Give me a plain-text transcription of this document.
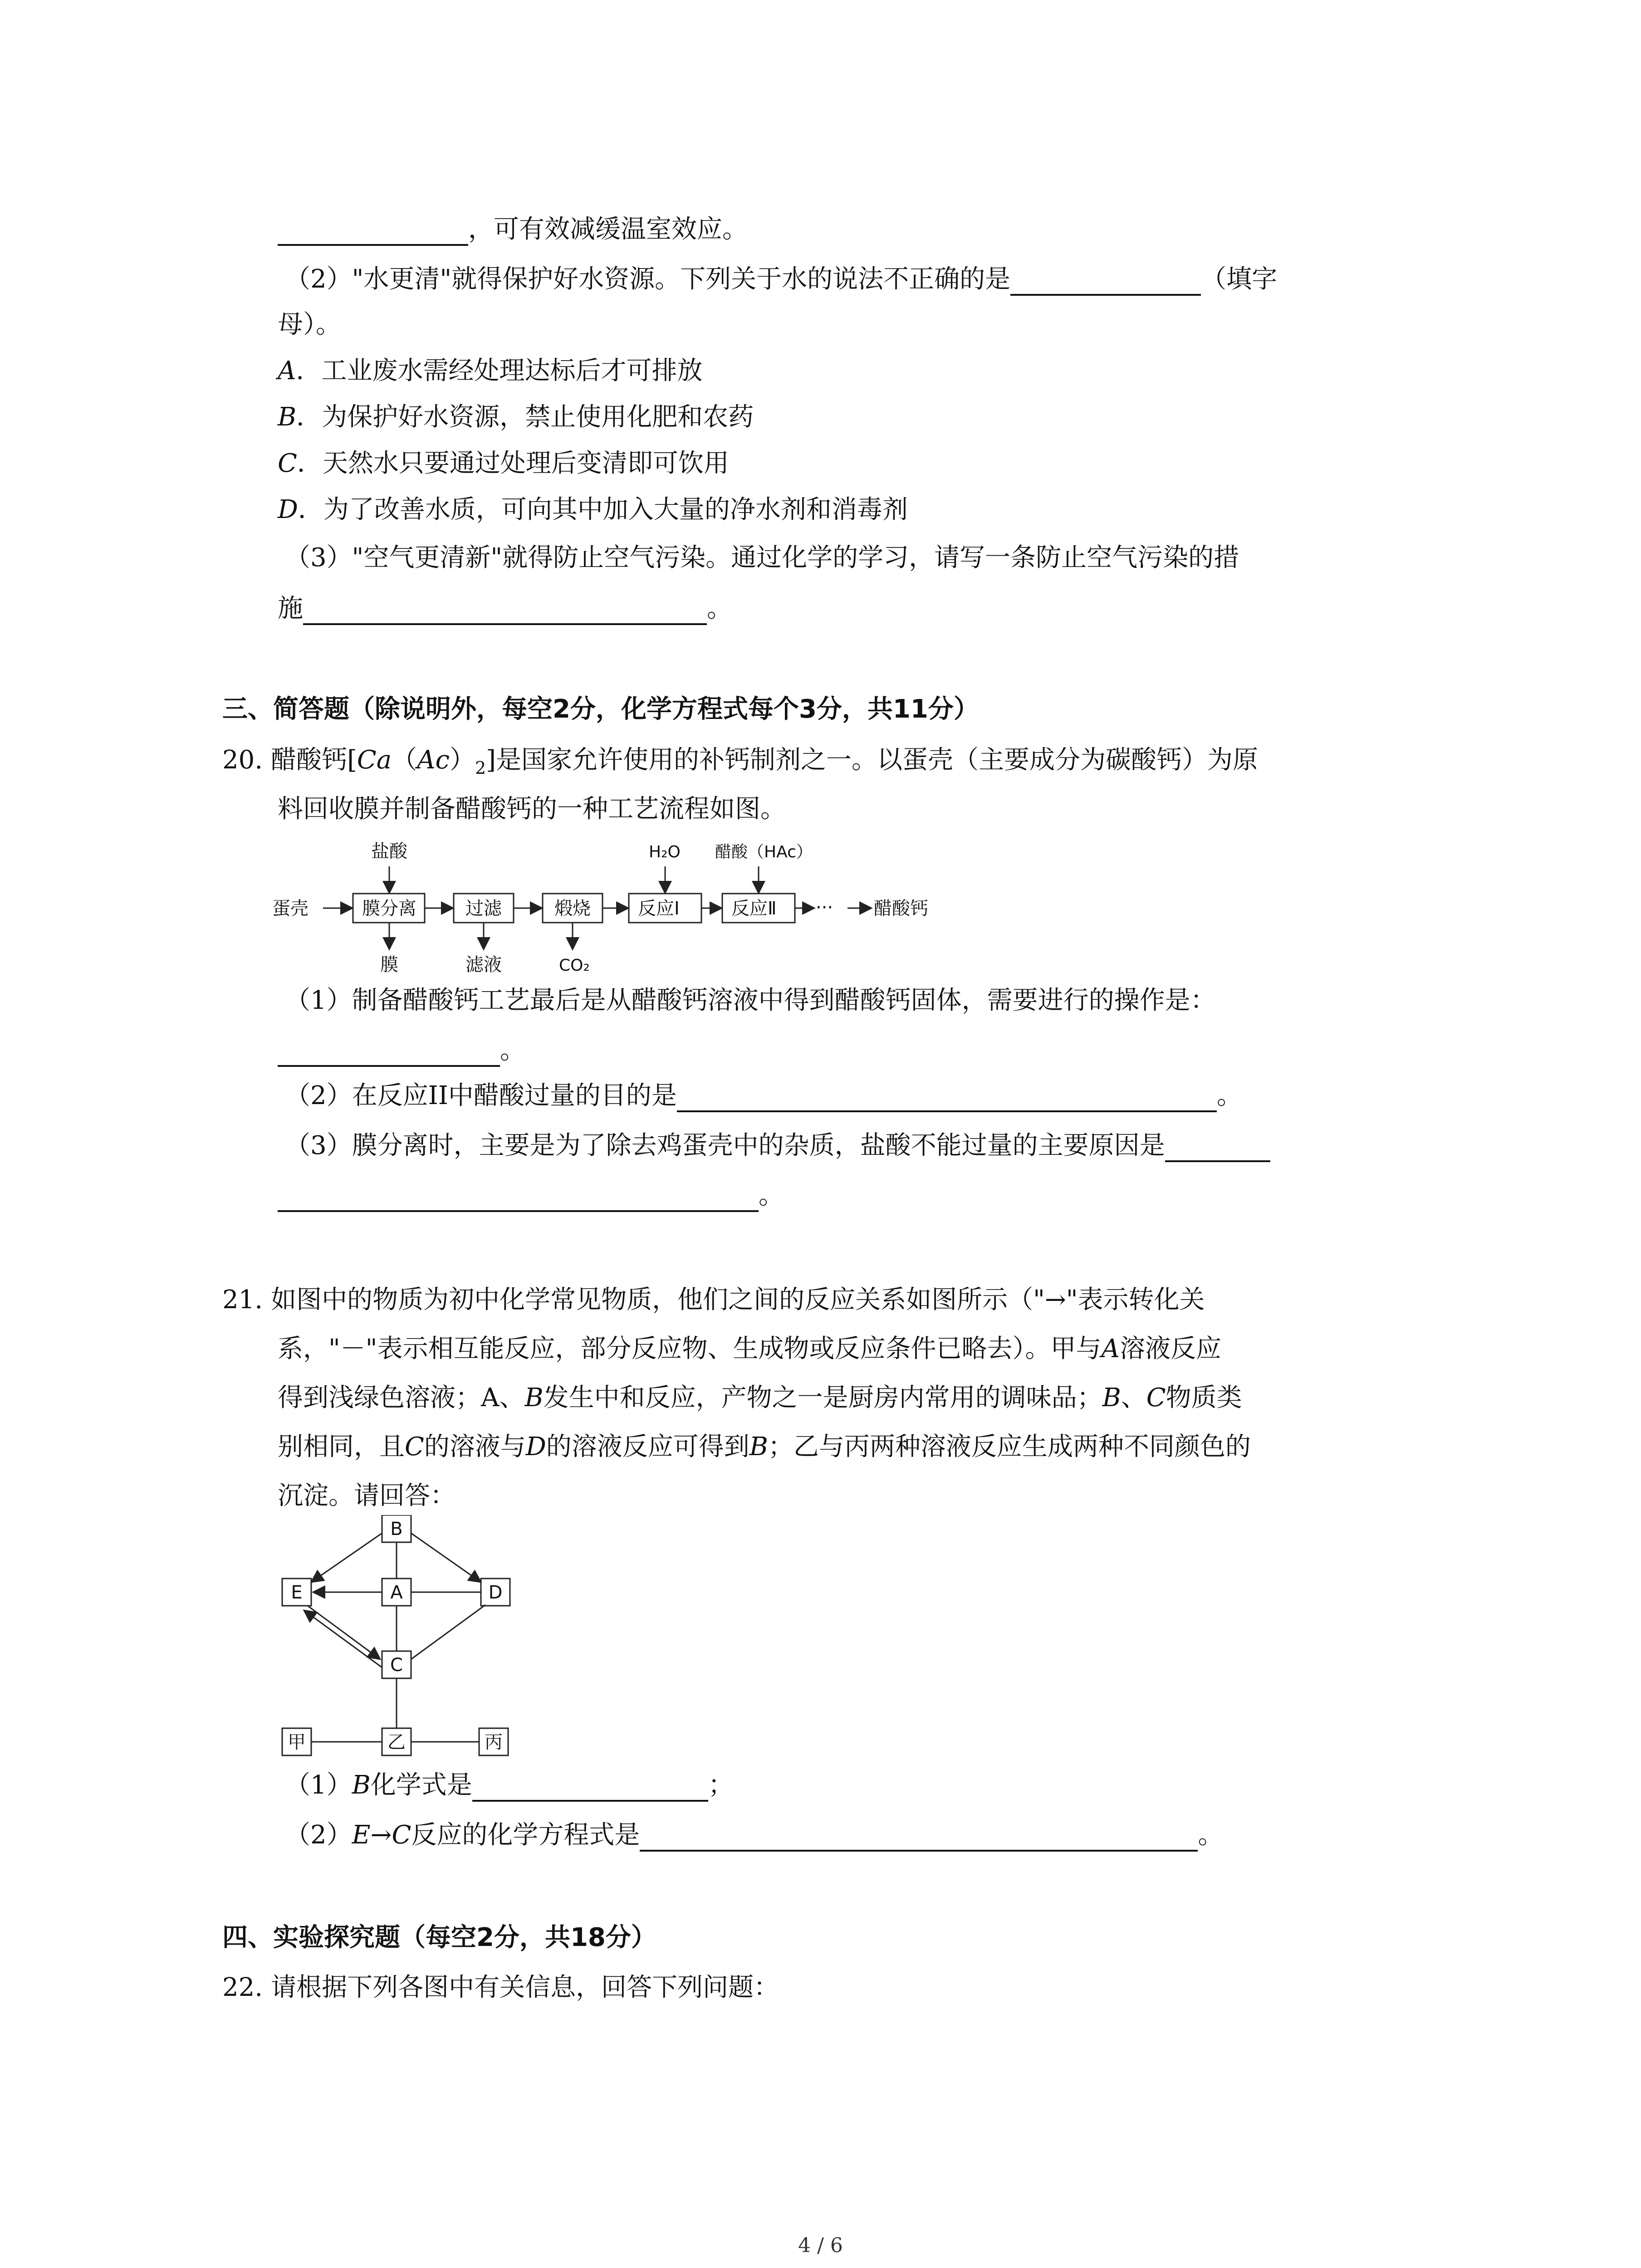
，可有效减缓温室效应。
（2）"水更清"就得保护好水资源。下列关于水的说法不正确的是	（填字
母）。
A．工业废水需经处理达标后才可排放
B．为保护好水资源，禁止使用化肥和农药
C．天然水只要通过处理后变清即可饮用
D．为了改善水质，可向其中加入大量的净水剂和消毒剂
（3）"空气更清新"就得防止空气污染。通过化学的学习，请写一条防止空气污染的措
施	。
三、简答题（除说明外，每空2分，化学方程式每个3分，共11分）
20. 醋酸钙$[Ca(Ac)_2]$是国家允许使用的补钙制剂之一。以蛋壳（主要成分为碳酸钙）为原
料回收膜并制备醋酸钙的一种工艺流程如图。
蛋壳	膜分离	过滤	煅烧	反应Ⅰ	反应Ⅱ
盐酸	H₂O 醋酸（HAc）
膜	滤液	CO₂
··· 醋酸钙
（1）制备醋酸钙工艺最后是从醋酸钙溶液中得到醋酸钙固体，需要进行的操作是：
。
（2）在反应II中醋酸过量的目的是	。
（3）膜分离时，主要是为了除去鸡蛋壳中的杂质，盐酸不能过量的主要原因是
。
21. 如图中的物质为初中化学常见物质，他们之间的反应关系如图所示（"→"表示转化关
系，"－"表示相互能反应，部分反应物、生成物或反应条件已略去）。甲与A溶液反应
得到浅绿色溶液；A、B发生中和反应，产物之一是厨房内常用的调味品；B、C物质类
别相同，且C的溶液与D的溶液反应可得到B；乙与丙两种溶液反应生成两种不同颜色的
沉淀。请回答：
B
E	A	D
C
甲	乙	丙
（1）B化学式是	；
（2）E→C反应的化学方程式是	。
四、实验探究题（每空2分，共18分）
22. 请根据下列各图中有关信息，回答下列问题：
4 / 6
